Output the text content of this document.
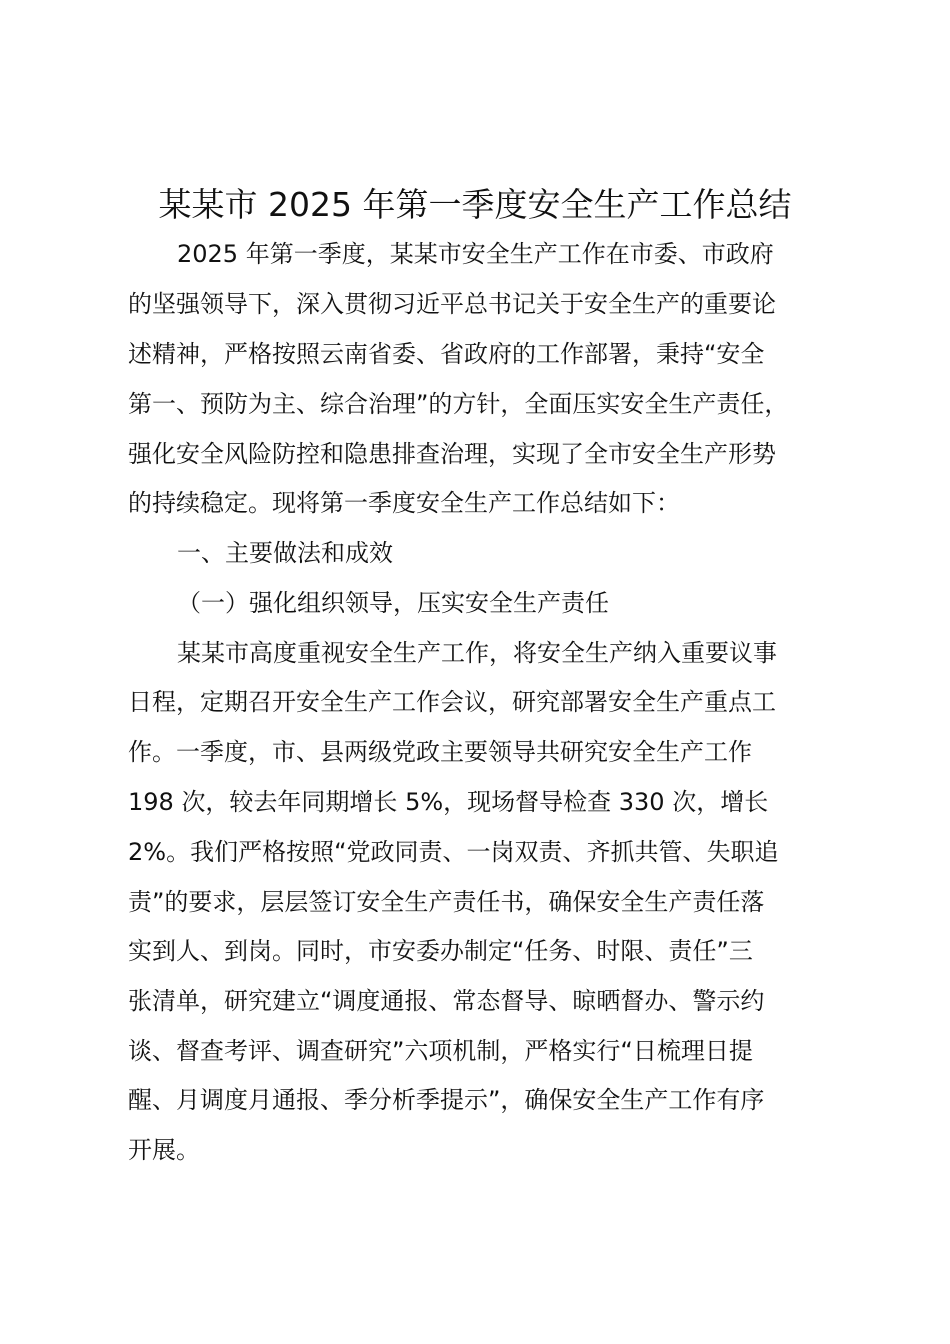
某某市 2025 年第一季度安全生产工作总结
2025 年第一季度，某某市安全生产工作在市委、市政府
的坚强领导下，深入贯彻习近平总书记关于安全生产的重要论
述精神，严格按照云南省委、省政府的工作部署，秉持“安全
第一、预防为主、综合治理”的方针，全面压实安全生产责任，
强化安全风险防控和隐患排查治理，实现了全市安全生产形势
的持续稳定。现将第一季度安全生产工作总结如下：
一、主要做法和成效
（一）强化组织领导，压实安全生产责任
某某市高度重视安全生产工作，将安全生产纳入重要议事
日程，定期召开安全生产工作会议，研究部署安全生产重点工
作。一季度，市、县两级党政主要领导共研究安全生产工作
198 次，较去年同期增长 5%，现场督导检查 330 次，增长
2%。我们严格按照“党政同责、一岗双责、齐抓共管、失职追
责”的要求，层层签订安全生产责任书，确保安全生产责任落
实到人、到岗。同时，市安委办制定“任务、时限、责任”三
张清单，研究建立“调度通报、常态督导、晾晒督办、警示约
谈、督查考评、调查研究”六项机制，严格实行“日梳理日提
醒、月调度月通报、季分析季提示”，确保安全生产工作有序
开展。
